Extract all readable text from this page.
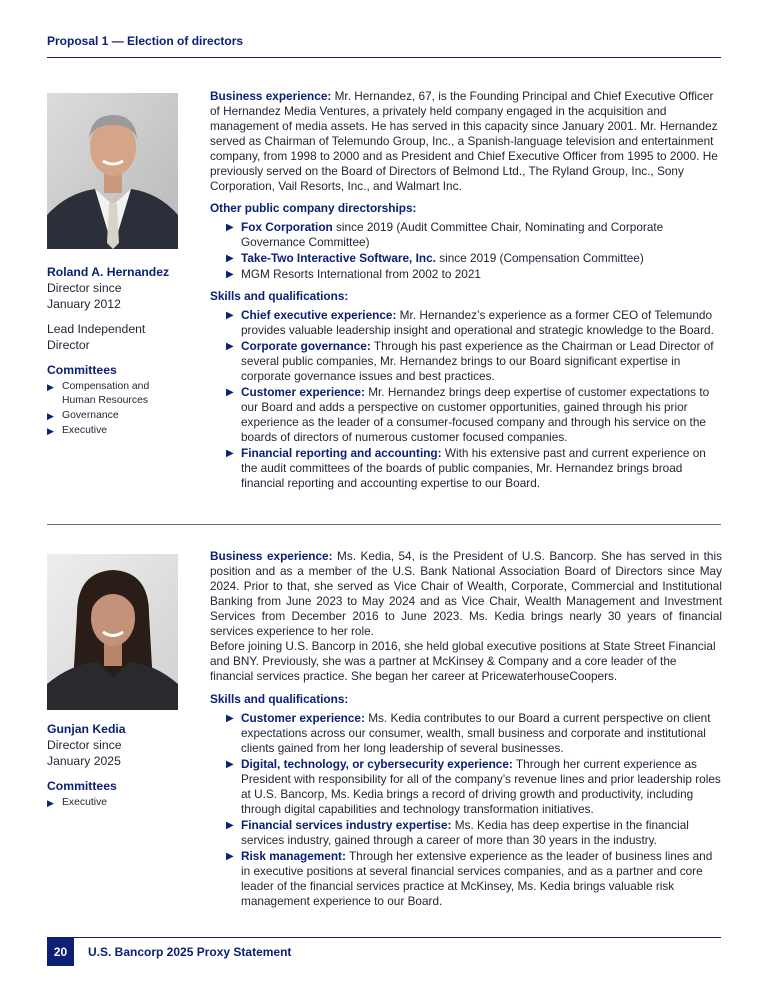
Proposal 1 — Election of directors
Roland A. Hernandez
Director since
January 2012
Lead Independent
Director
Committees
▶ Compensation and Human Resources
▶ Governance
▶ Executive

Business experience: Mr. Hernandez, 67, is the Founding Principal and Chief Executive Officer of Hernandez Media Ventures, a privately held company engaged in the acquisition and management of media assets. He has served in this capacity since January 2001. Mr. Hernandez served as Chairman of Telemundo Group, Inc., a Spanish-language television and entertainment company, from 1998 to 2000 and as President and Chief Executive Officer from 1995 to 2000. He previously served on the Board of Directors of Belmond Ltd., The Ryland Group, Inc., Sony Corporation, Vail Resorts, Inc., and Walmart Inc.

Other public company directorships:
▶ Fox Corporation since 2019 (Audit Committee Chair, Nominating and Corporate Governance Committee)
▶ Take-Two Interactive Software, Inc. since 2019 (Compensation Committee)
▶ MGM Resorts International from 2002 to 2021
Skills and qualifications:
▶ Chief executive experience: Mr. Hernandez’s experience as a former CEO of Telemundo provides valuable leadership insight and operational and strategic knowledge to the Board.
▶ Corporate governance: Through his past experience as the Chairman or Lead Director of several public companies, Mr. Hernandez brings to our Board significant expertise in corporate governance issues and best practices.
▶ Customer experience: Mr. Hernandez brings deep expertise of customer expectations to our Board and adds a perspective on customer opportunities, gained through his prior experience as the leader of a consumer-focused company and through his service on the boards of directors of numerous customer focused companies.
▶ Financial reporting and accounting: With his extensive past and current experience on the audit committees of the boards of public companies, Mr. Hernandez brings broad financial reporting and accounting expertise to our Board.
Gunjan Kedia
Director since
January 2025
Committees
▶ Executive

Business experience: Ms. Kedia, 54, is the President of U.S. Bancorp. She has served in this position and as a member of the U.S. Bank National Association Board of Directors since May 2024. Prior to that, she served as Vice Chair of Wealth, Corporate, Commercial and Institutional Banking from June 2023 to May 2024 and as Vice Chair, Wealth Management and Investment Services from December 2016 to June 2023. Ms. Kedia brings nearly 30 years of financial services experience to her role.

Before joining U.S. Bancorp in 2016, she held global executive positions at State Street Financial and BNY. Previously, she was a partner at McKinsey & Company and a core leader of the financial services practice. She began her career at PricewaterhouseCoopers.

Skills and qualifications:
▶ Customer experience: Ms. Kedia contributes to our Board a current perspective on client expectations across our consumer, wealth, small business and corporate and institutional clients gained from her long leadership of several businesses.
▶ Digital, technology, or cybersecurity experience: Through her current experience as President with responsibility for all of the company’s revenue lines and prior leadership roles at U.S. Bancorp, Ms. Kedia brings a record of driving growth and productivity, including through digital capabilities and technology transformation initiatives.
▶ Financial services industry expertise: Ms. Kedia has deep expertise in the financial services industry, gained through a career of more than 30 years in the industry.
▶ Risk management: Through her extensive experience as the leader of business lines and in executive positions at several financial services companies, and as a partner and core leader of the financial services practice at McKinsey, Ms. Kedia brings valuable risk management experience to our Board.
20 U.S. Bancorp 2025 Proxy Statement
